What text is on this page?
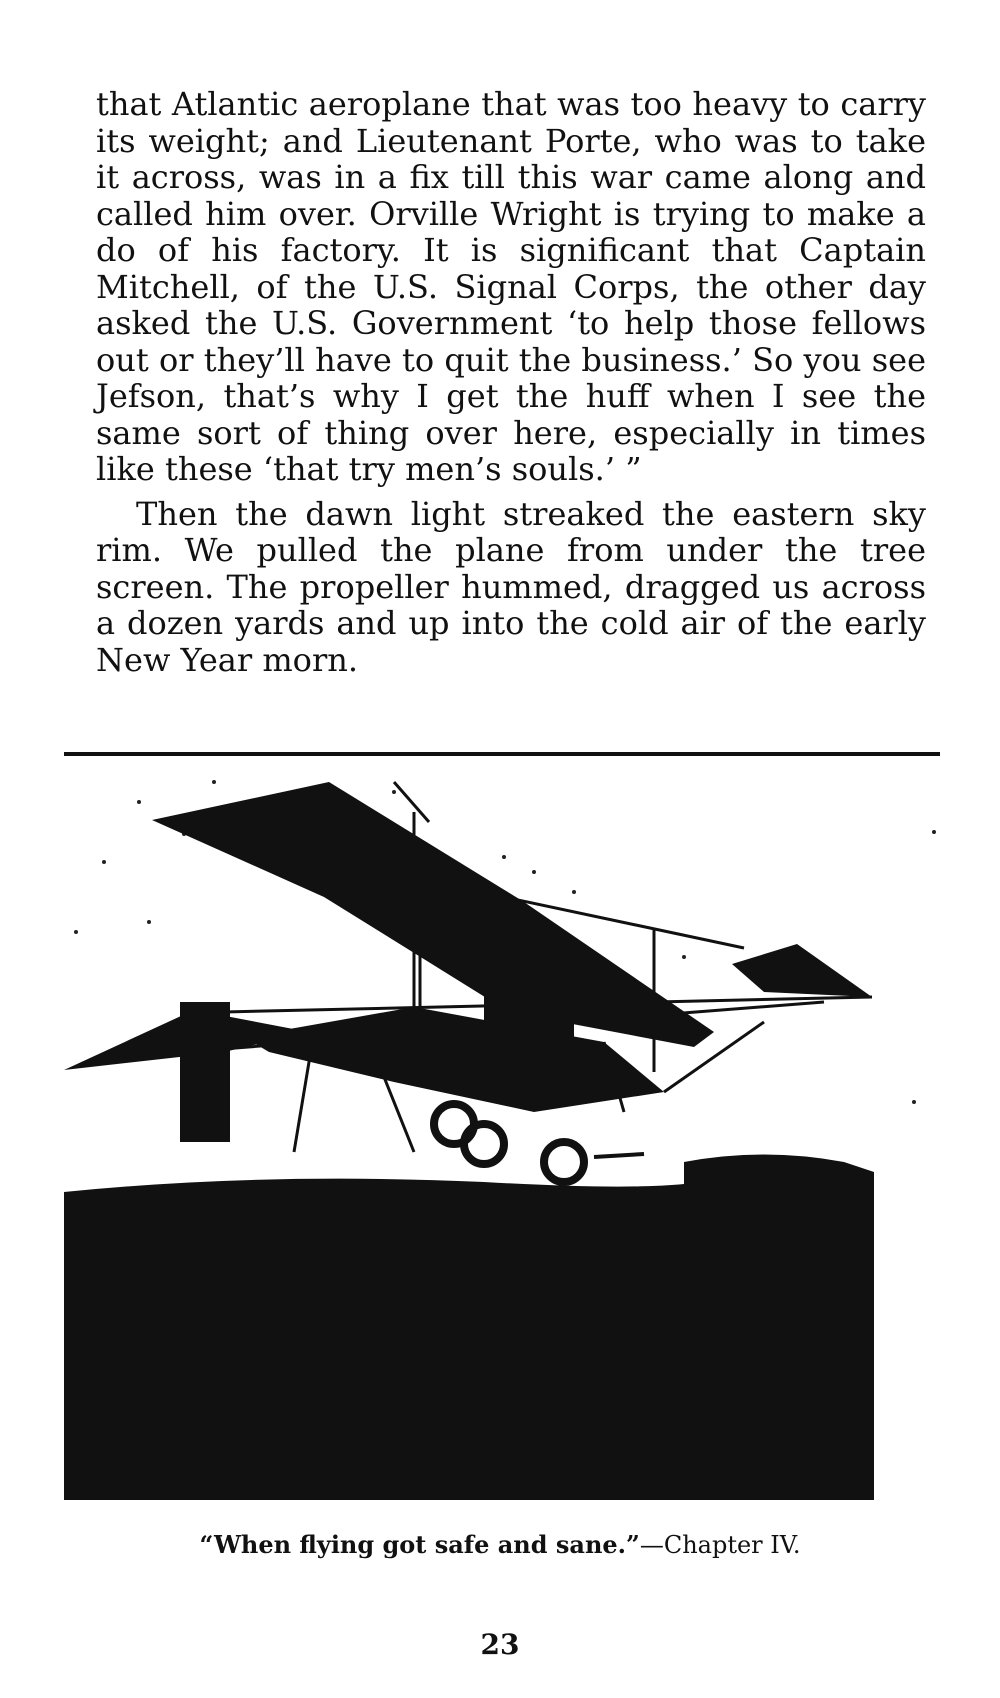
that Atlantic aeroplane that was too heavy to carry its weight; and Lieutenant Porte, who was to take it across, was in a fix till this war came along and called him over. Orville Wright is trying to make a do of his factory. It is significant that Captain Mitchell, of the U.S. Signal Corps, the other day asked the U.S. Government ‘to help those fellows out or they’ll have to quit the business.’ So you see Jefson, that’s why I get the huff when I see the same sort of thing over here, especially in times like these ‘that try men’s souls.’ ”

Then the dawn light streaked the eastern sky rim. We pulled the plane from under the tree screen. The propeller hummed, dragged us across a dozen yards and up into the cold air of the early New Year morn.

“When flying got safe and sane.”—Chapter IV.
23
